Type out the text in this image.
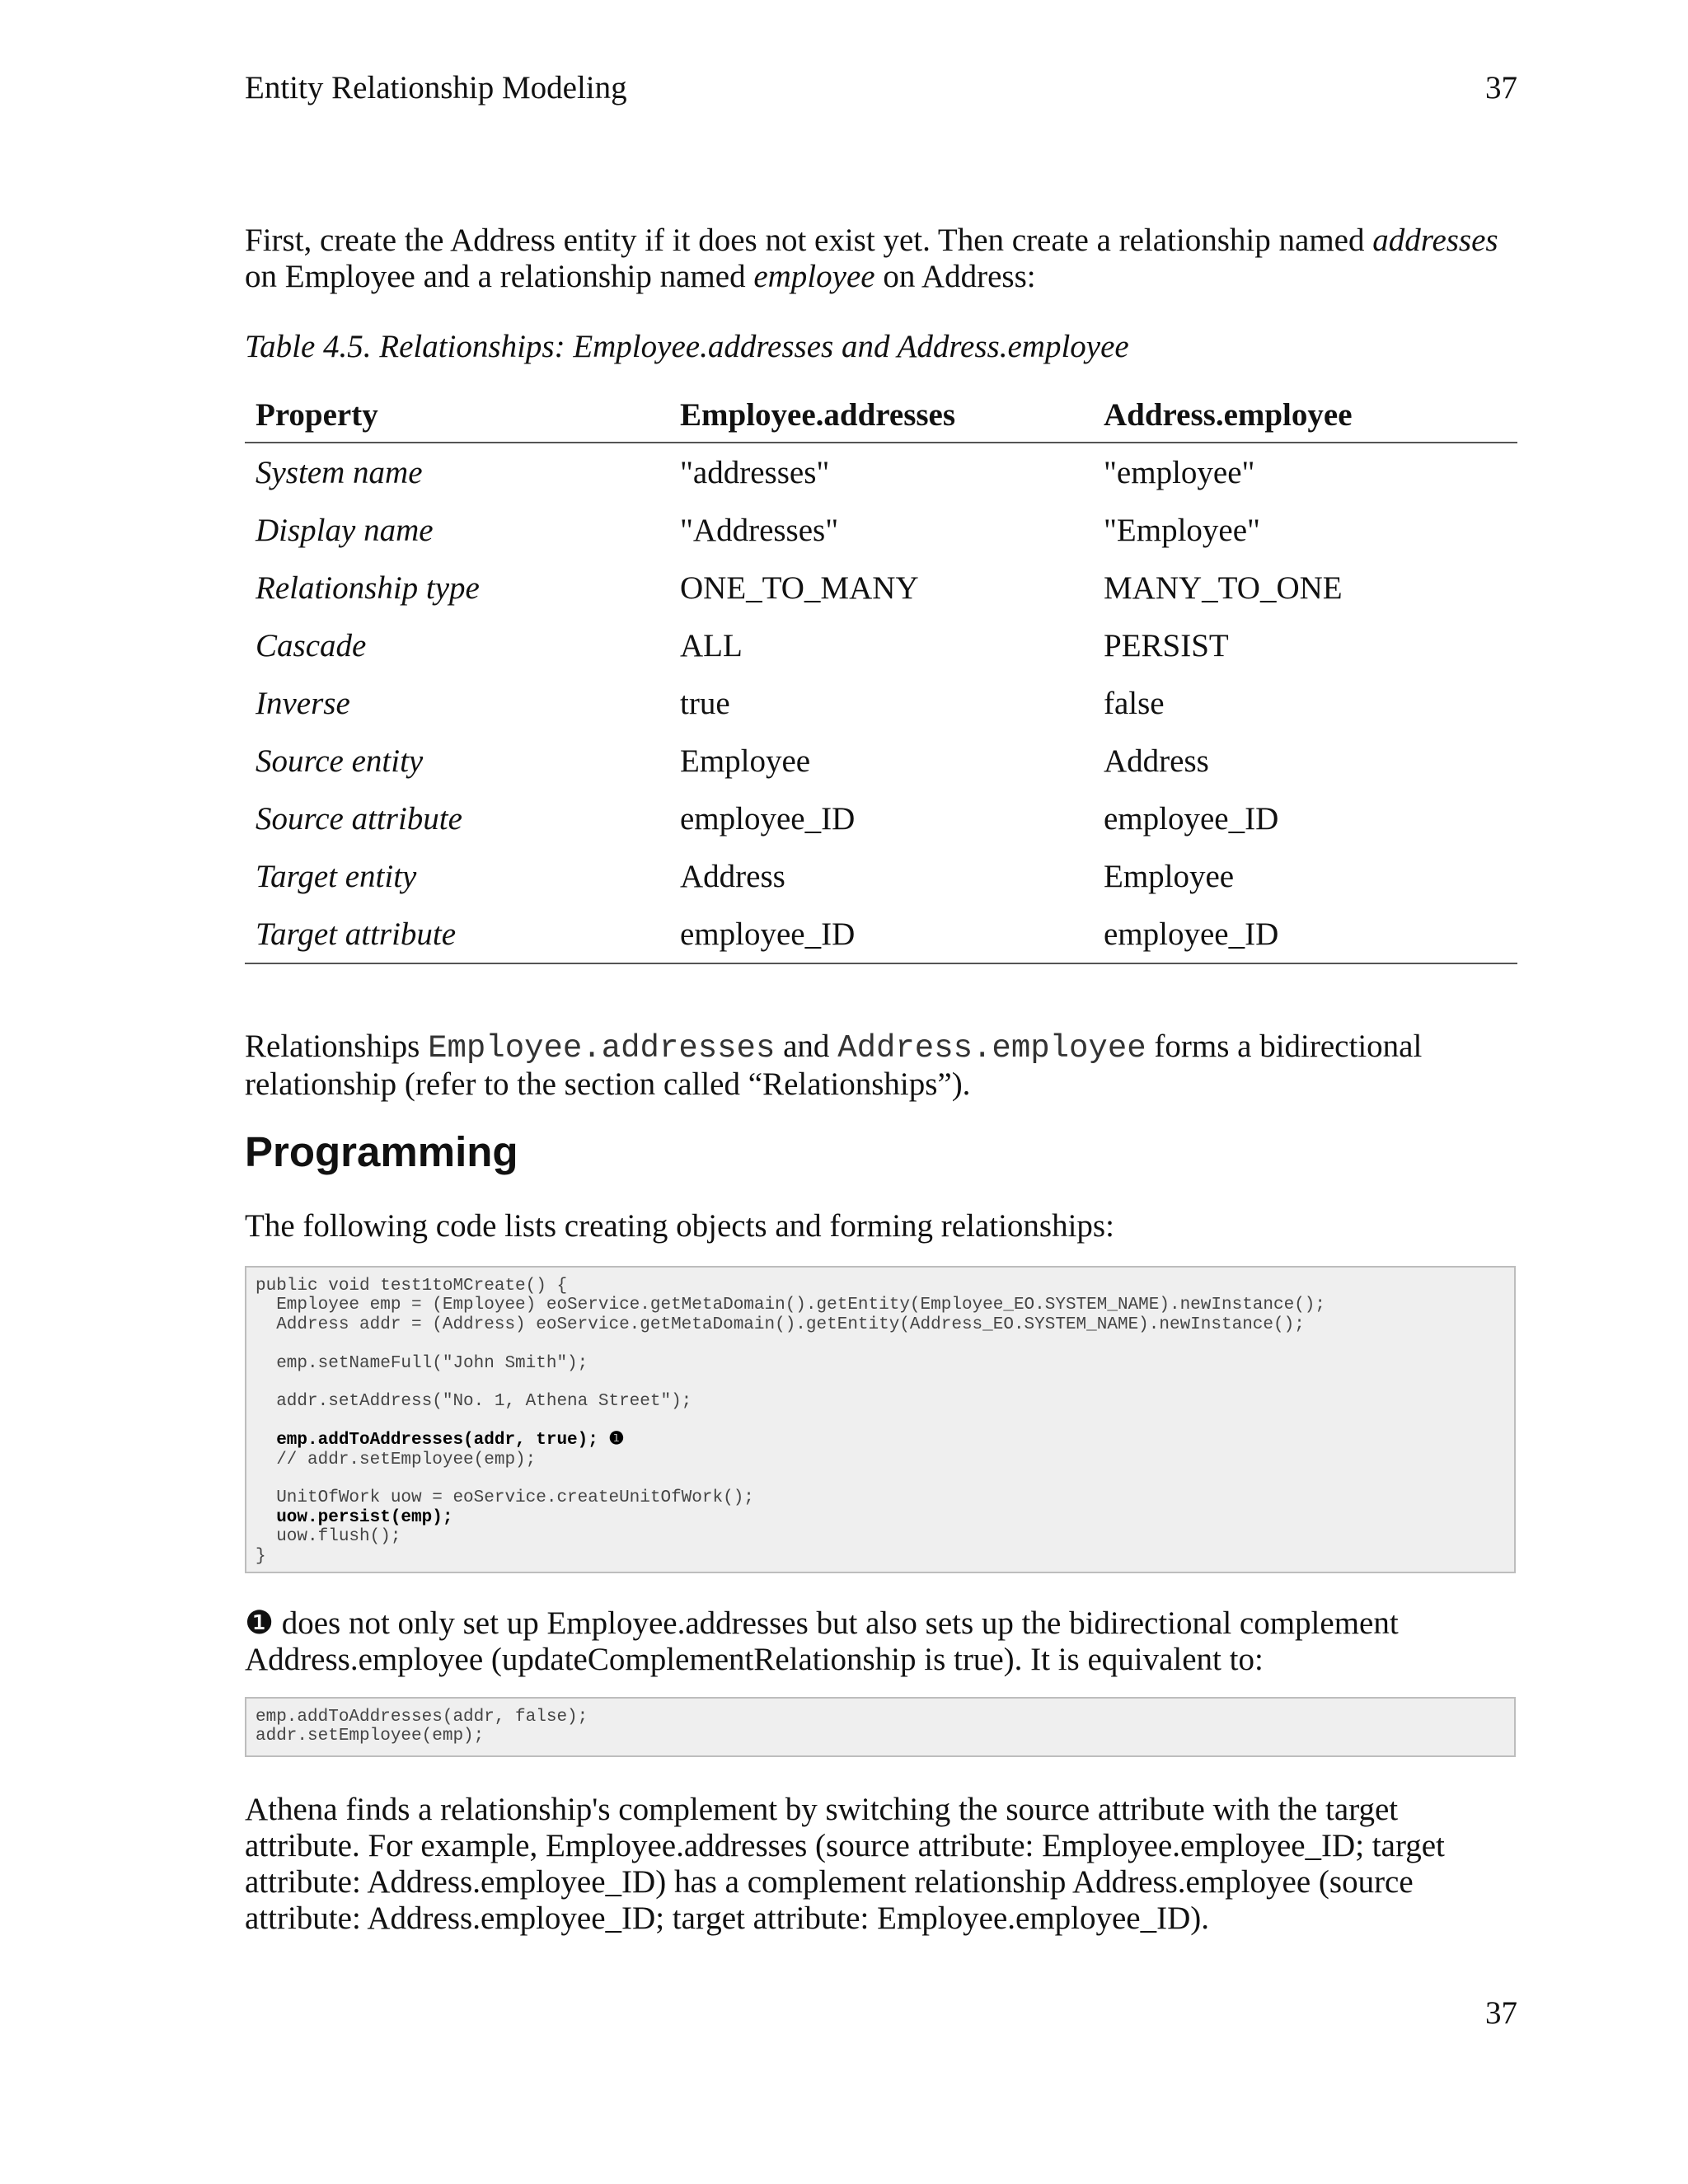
Entity Relationship Modeling	37

First, create the Address entity if it does not exist yet. Then create a relationship named addresses on Employee and a relationship named employee on Address:

Table 4.5. Relationships: Employee.addresses and Address.employee
Property	Employee.addresses	Address.employee
System name	"addresses"	"employee"
Display name	"Addresses"	"Employee"
Relationship type	ONE_TO_MANY	MANY_TO_ONE
Cascade	ALL	PERSIST
Inverse	true	false
Source entity	Employee	Address
Source attribute	employee_ID	employee_ID
Target entity	Address	Employee
Target attribute	employee_ID	employee_ID

Relationships Employee.addresses and Address.employee forms a bidirectional relationship (refer to the section called “Relationships”).

Programming

The following code lists creating objects and forming relationships:

public void test1toMCreate() {
Employee emp = (Employee) eoService.getMetaDomain().getEntity(Employee_EO.SYSTEM_NAME).newInstance();
Address addr = (Address) eoService.getMetaDomain().getEntity(Address_EO.SYSTEM_NAME).newInstance();
emp.setNameFull("John Smith");
addr.setAddress("No. 1, Athena Street");
emp.addToAddresses(addr, true); ❶
// addr.setEmployee(emp);
UnitOfWork uow = eoService.createUnitOfWork();
uow.persist(emp);
uow.flush();
}

❶ does not only set up Employee.addresses but also sets up the bidirectional complement Address.employee (updateComplementRelationship is true). It is equivalent to:

emp.addToAddresses(addr, false);
addr.setEmployee(emp);

Athena finds a relationship's complement by switching the source attribute with the target attribute. For example, Employee.addresses (source attribute: Employee.employee_ID; target attribute: Address.employee_ID) has a complement relationship Address.employee (source attribute: Address.employee_ID; target attribute: Employee.employee_ID).

37
